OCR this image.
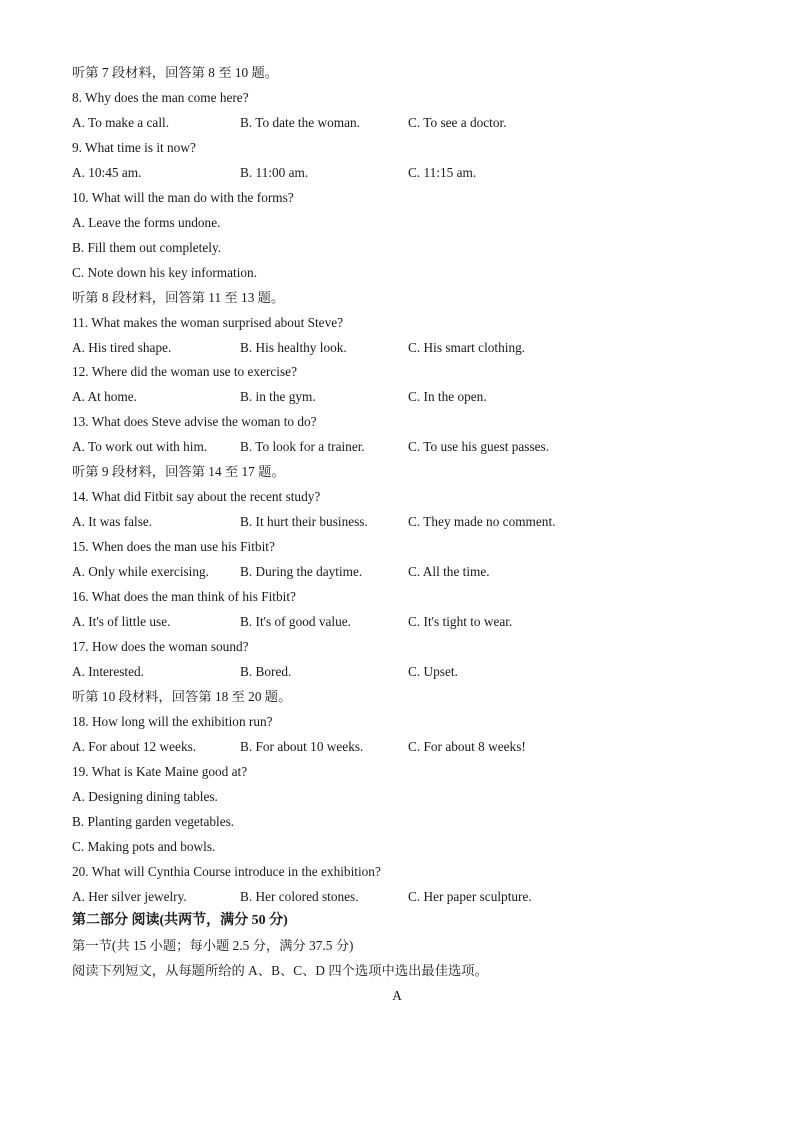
听第 7 段材料，回答第 8 至 10 题。
8. Why does the man come here?
A. To make a call.	B. To date the woman.	C. To see a doctor.
9. What time is it now?
A. 10:45 am.	B. 11:00 am.	C. 11:15 am.
10. What will the man do with the forms?
A. Leave the forms undone.
B. Fill them out completely.
C. Note down his key information.
听第 8 段材料，回答第 11 至 13 题。
11. What makes the woman surprised about Steve?
A. His tired shape.	B. His healthy look.	C. His smart clothing.
12. Where did the woman use to exercise?
A. At home.	B. in the gym.	C. In the open.
13. What does Steve advise the woman to do?
A. To work out with him. B. To look for a trainer.	C. To use his guest passes.
听第 9 段材料，回答第 14 至 17 题。
14. What did Fitbit say about the recent study?
A. It was false.	B. It hurt their business.	C. They made no comment.
15. When does the man use his Fitbit?
A. Only while exercising. B. During the daytime.	C. All the time.
16. What does the man think of his Fitbit?
A. It's of little use.	B. It's of good value.	C. It's tight to wear.
17. How does the woman sound?
A. Interested.	B. Bored.	C. Upset.
听第 10 段材料，回答第 18 至 20 题。
18. How long will the exhibition run?
A. For about 12 weeks.	B. For about 10 weeks.	C. For about 8 weeks!
19. What is Kate Maine good at?
A. Designing dining tables.
B. Planting garden vegetables.
C. Making pots and bowls.
20. What will Cynthia Course introduce in the exhibition?
A. Her silver jewelry.	B. Her colored stones.	C. Her paper sculpture.
第二部分 阅读(共两节，满分 50 分)
第一节(共 15 小题；每小题 2.5 分，满分 37.5 分)
阅读下列短文，从每题所给的 A、B、C、D 四个选项中选出最佳选项。
A
